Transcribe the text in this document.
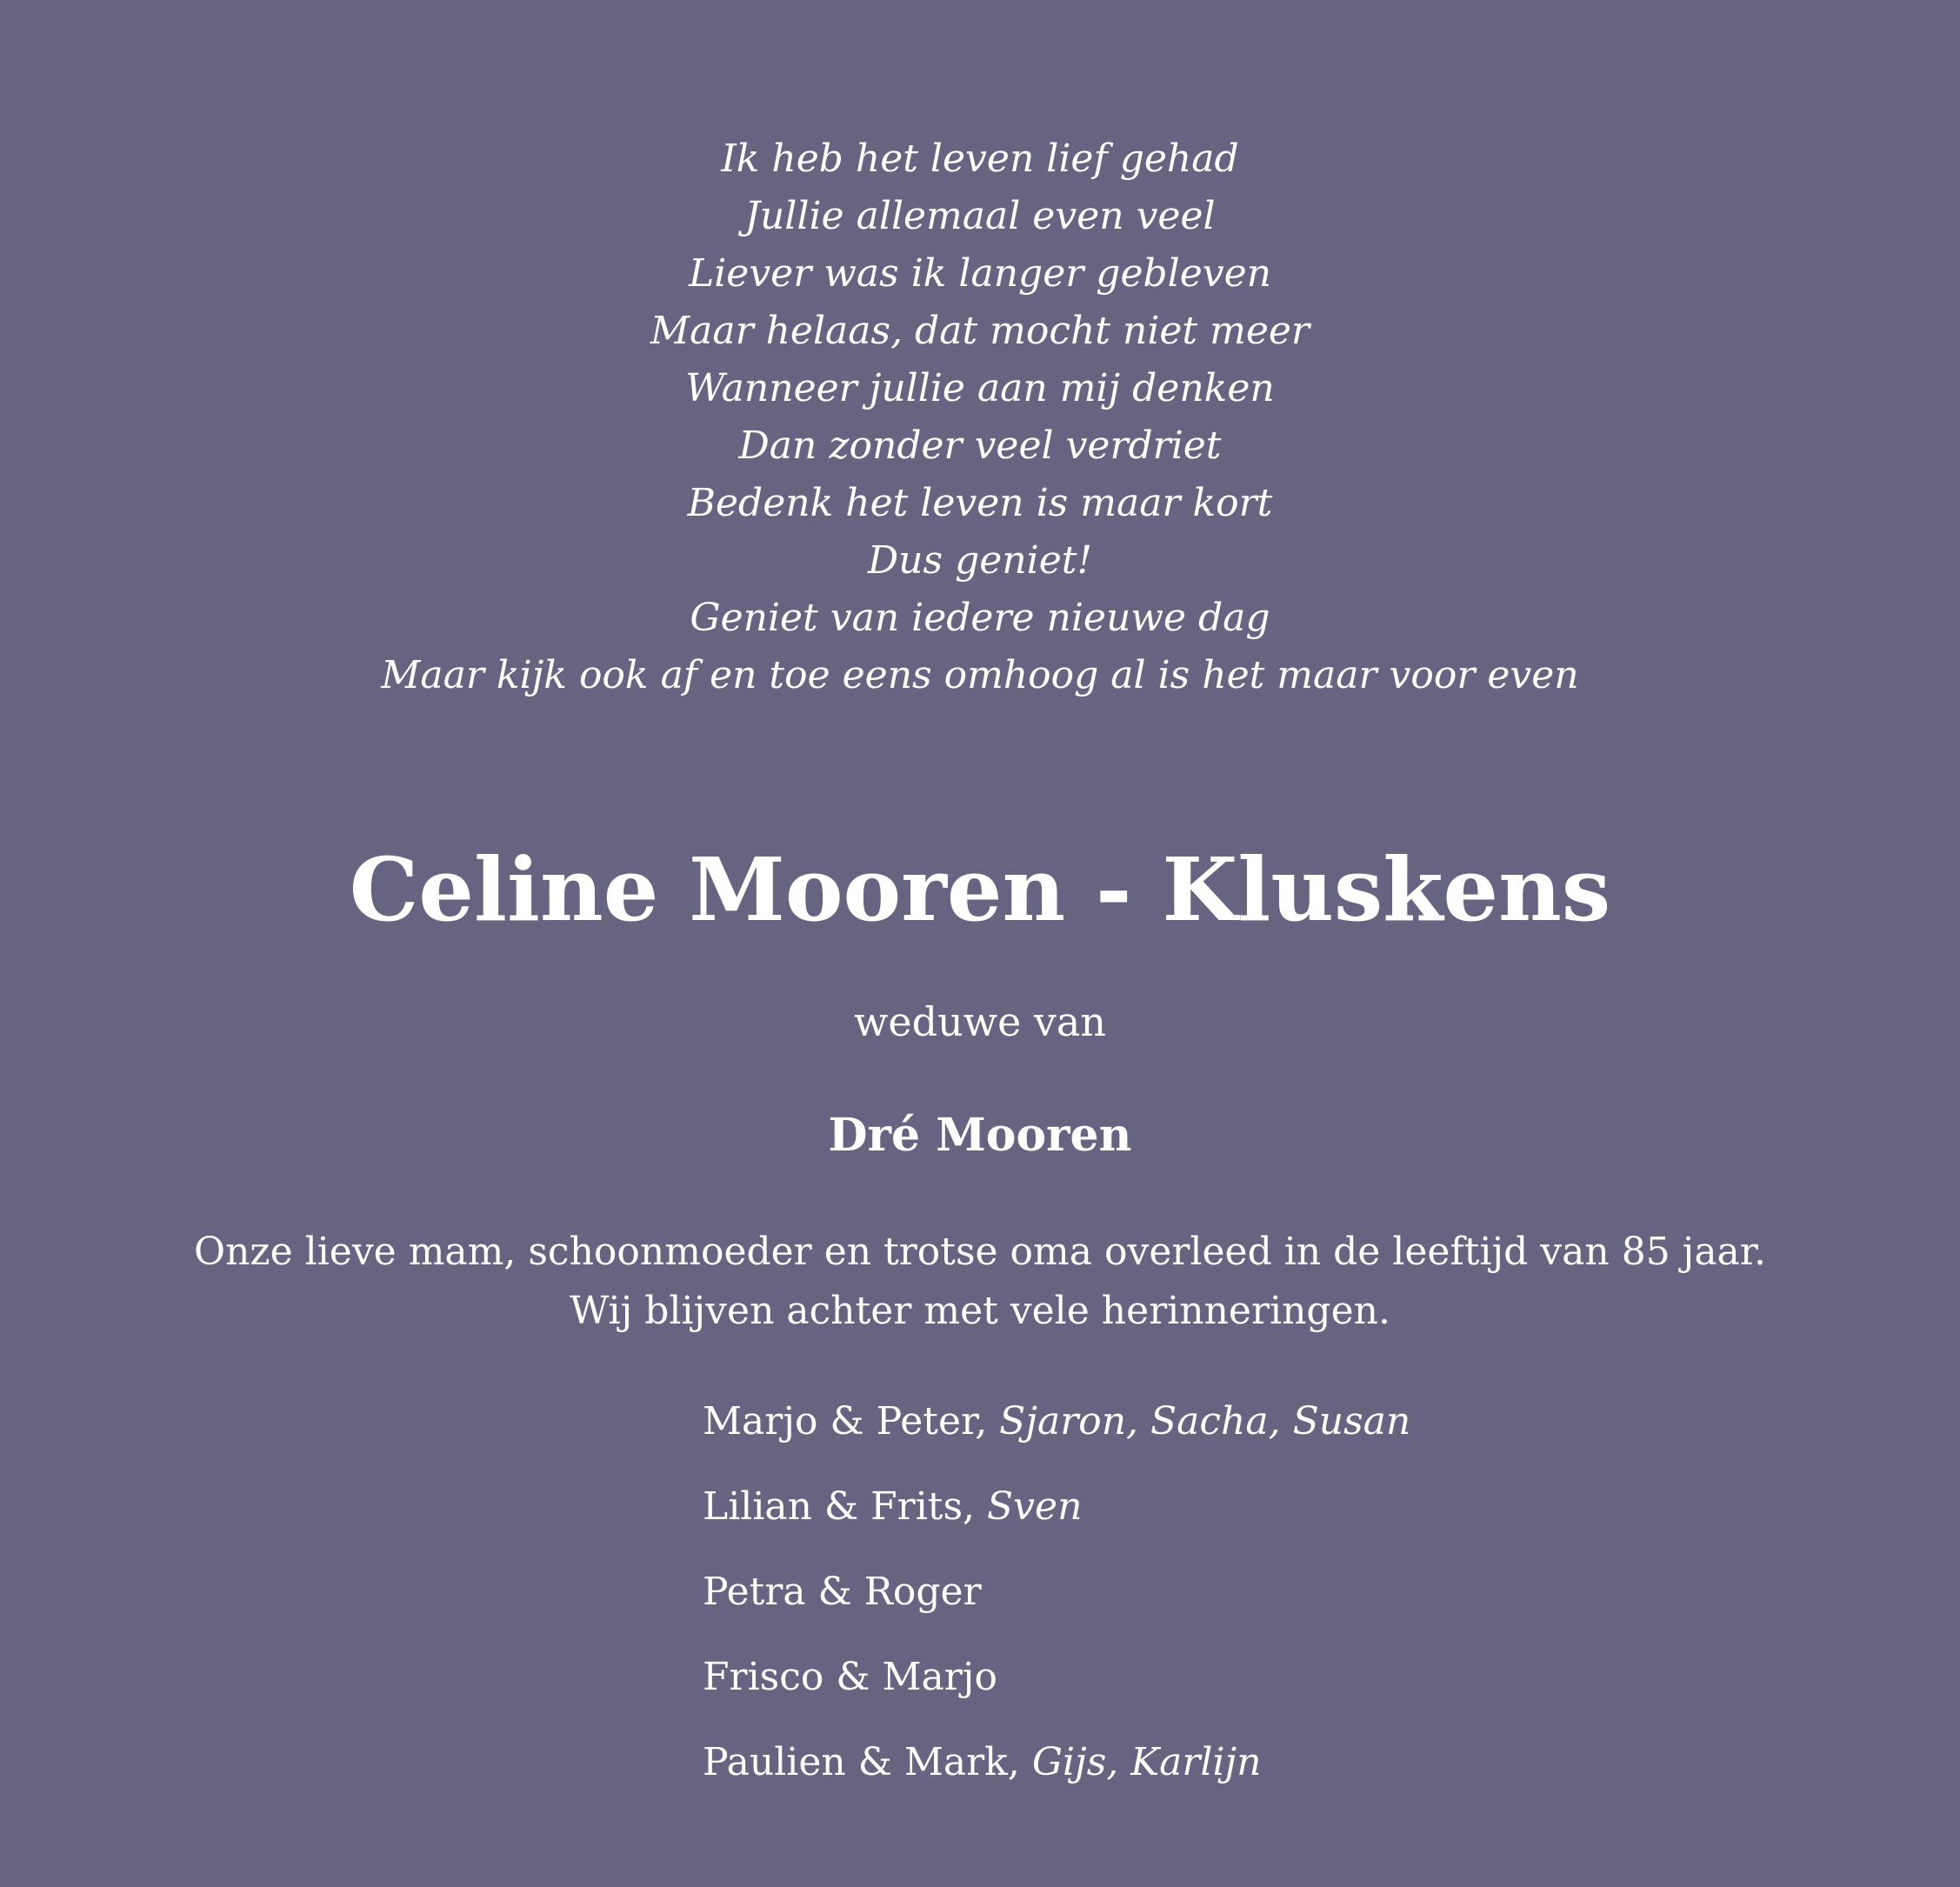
Ik heb het leven lief gehad
Jullie allemaal even veel
Liever was ik langer gebleven
Maar helaas, dat mocht niet meer
Wanneer jullie aan mij denken
Dan zonder veel verdriet
Bedenk het leven is maar kort
Dus geniet!
Geniet van iedere nieuwe dag
Maar kijk ook af en toe eens omhoog al is het maar voor even
Celine Mooren - Kluskens
weduwe van
Dré Mooren
Onze lieve mam, schoonmoeder en trotse oma overleed in de leeftijd van 85 jaar.
Wij blijven achter met vele herinneringen.
Marjo & Peter, Sjaron, Sacha, Susan
Lilian & Frits, Sven
Petra & Roger
Frisco & Marjo
Paulien & Mark, Gijs, Karlijn
